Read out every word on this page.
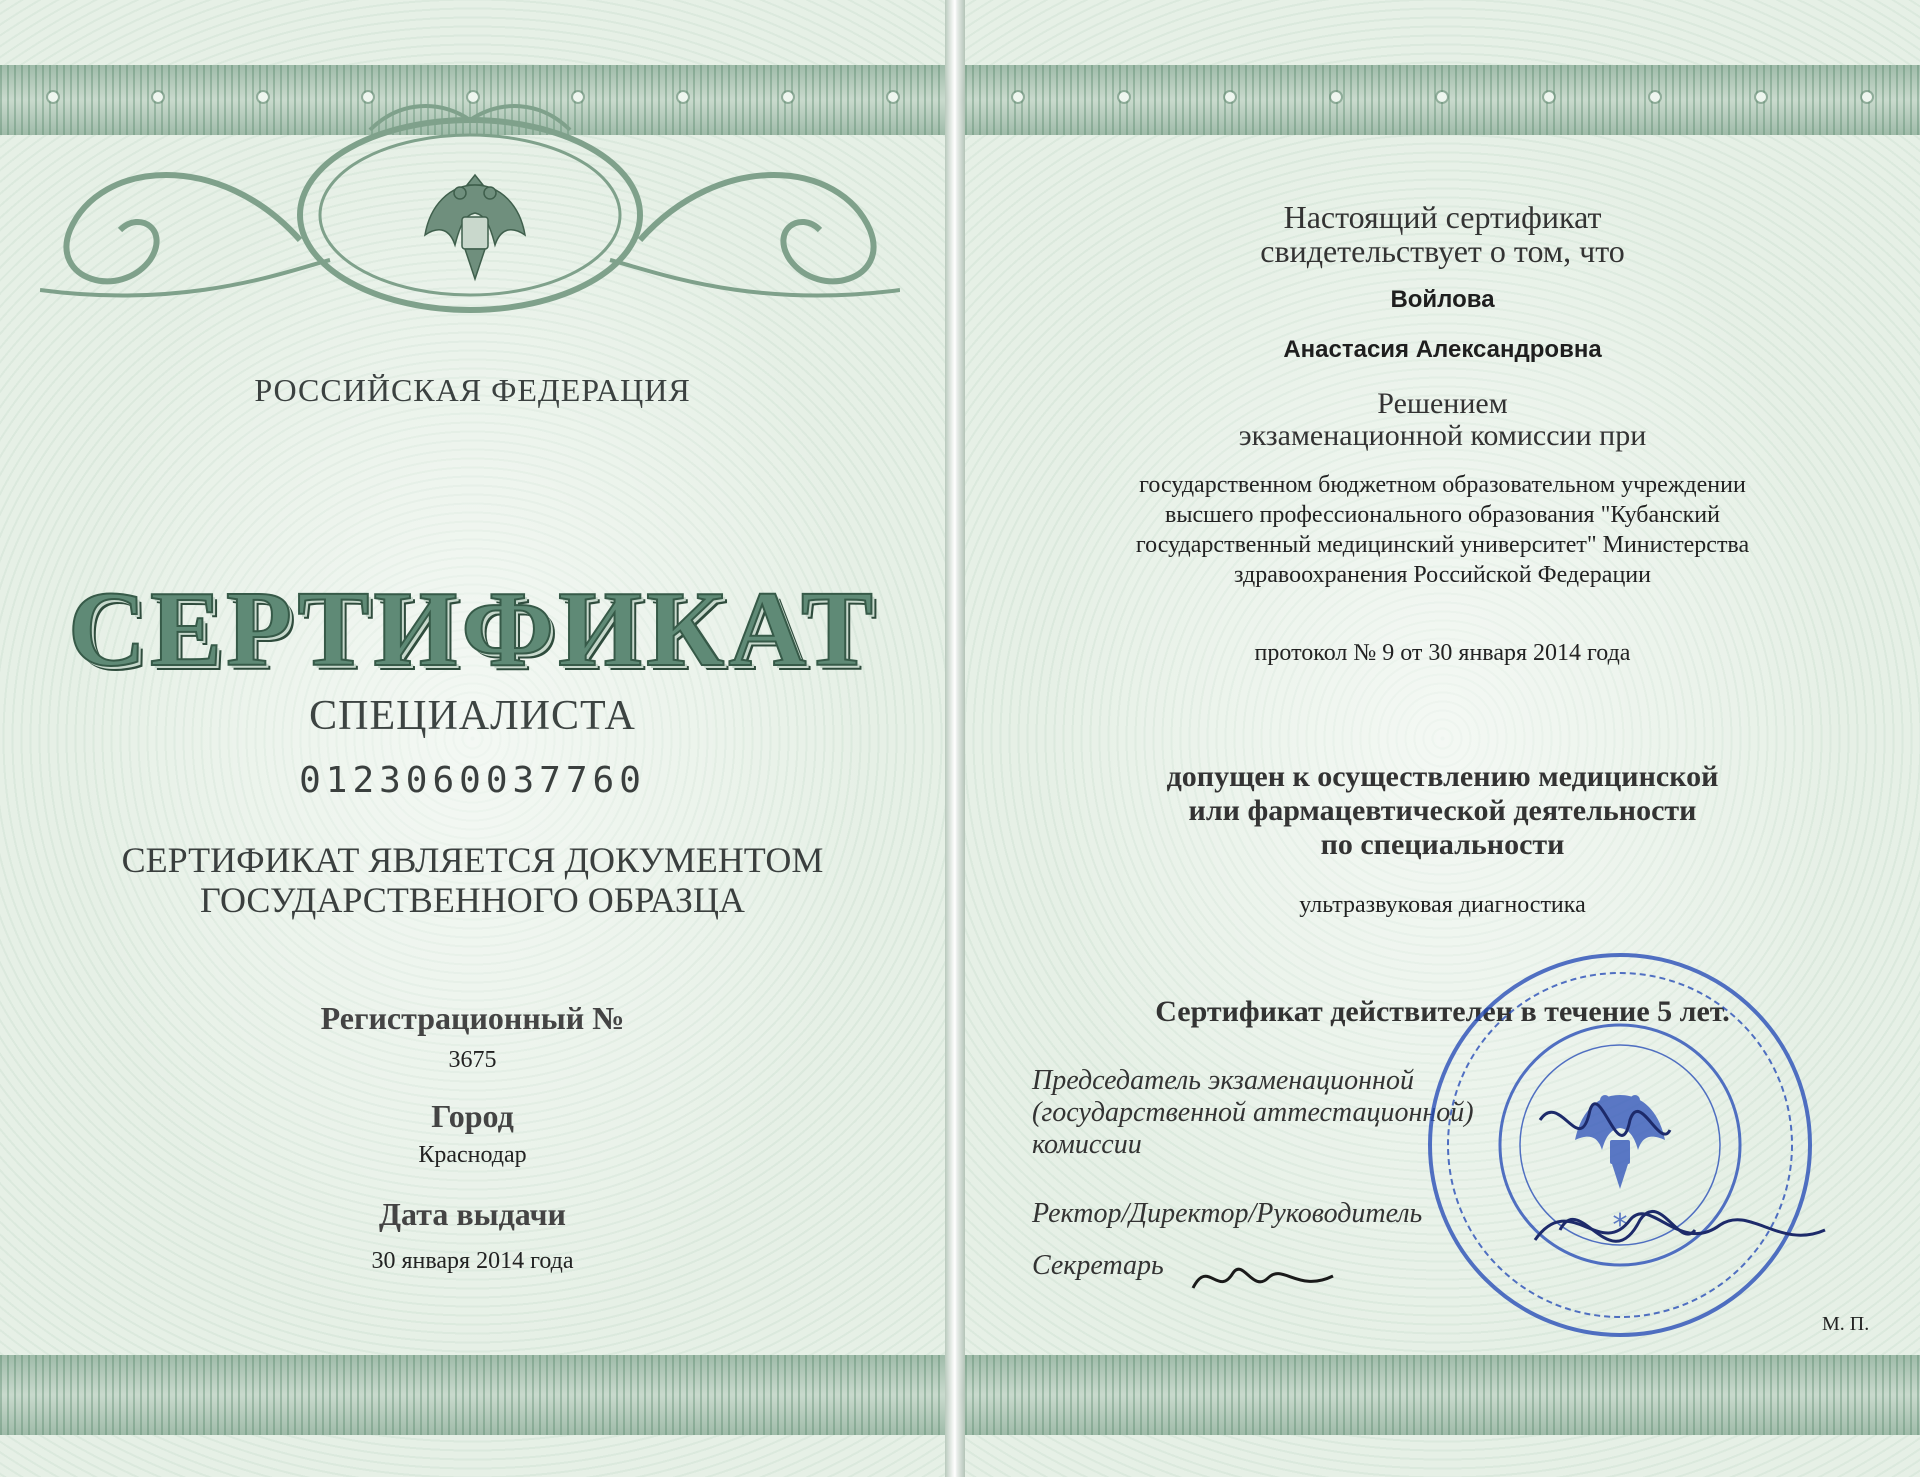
РОССИЙСКАЯ ФЕДЕРАЦИЯ
СЕРТИФИКАТ
СПЕЦИАЛИСТА
0123060037760
СЕРТИФИКАТ ЯВЛЯЕТСЯ ДОКУМЕНТОМ
ГОСУДАРСТВЕННОГО ОБРАЗЦА
Регистрационный №
3675
Город
Краснодар
Дата выдачи
30 января 2014 года
Настоящий сертификат
свидетельствует о том, что
Войлова
Анастасия Александровна
Решением
экзаменационной комиссии при
государственном бюджетном образовательном учреждении
высшего профессионального образования "Кубанский
государственный медицинский университет" Министерства
здравоохранения Российской Федерации
протокол № 9 от 30 января 2014 года
допущен к осуществлению медицинской
или фармацевтической деятельности
по специальности
ультразвуковая диагностика
Сертификат действителен в течение 5 лет.
Председатель экзаменационной
(государственной аттестационной)
комиссии
Ректор/Директор/Руководитель
Секретарь
М. П.
*
